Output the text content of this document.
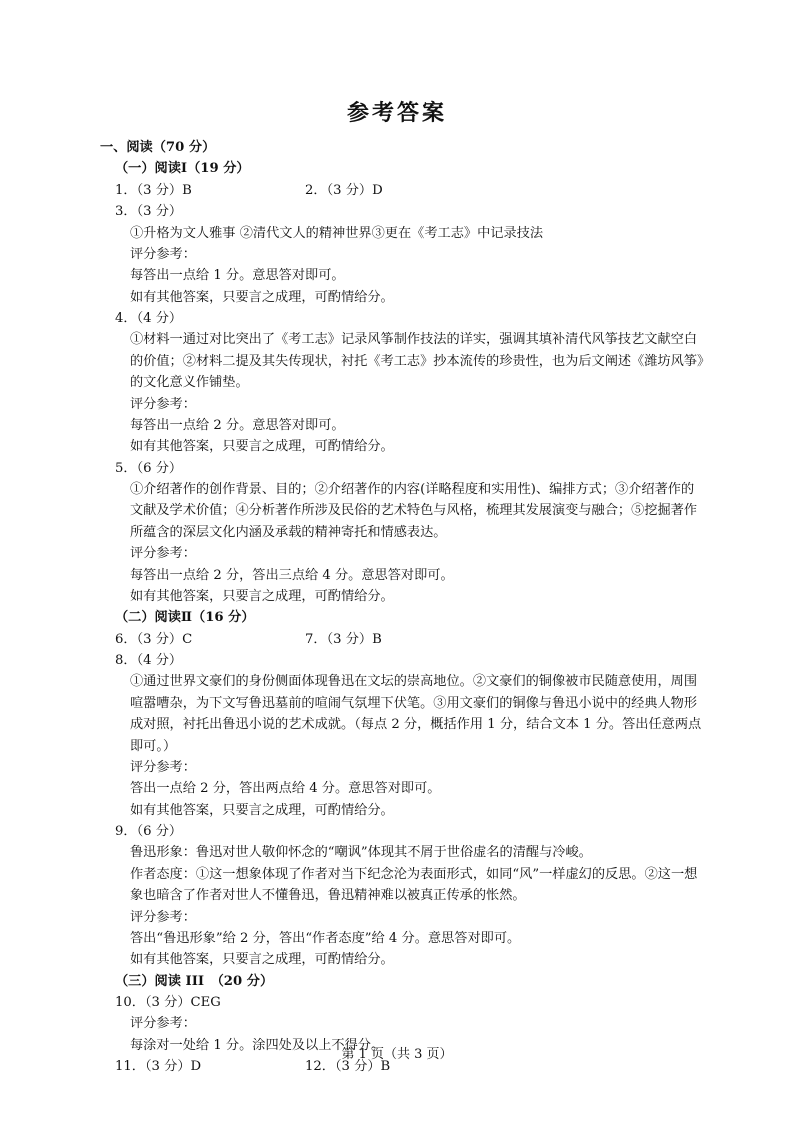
参考答案
一、阅读（70 分）
（一）阅读Ⅰ（19 分）
1．（3 分）B	2．（3 分）D
3．（3 分）
①升格为文人雅事 ②清代文人的精神世界③更在《考工志》中记录技法
评分参考：
每答出一点给 1 分。意思答对即可。
如有其他答案，只要言之成理，可酌情给分。
4．（4 分）
①材料一通过对比突出了《考工志》记录风筝制作技法的详实，强调其填补清代风筝技艺文献空白的价值；②材料二提及其失传现状，衬托《考工志》抄本流传的珍贵性，也为后文阐述《潍坊风筝》的文化意义作铺垫。
评分参考：
每答出一点给 2 分。意思答对即可。
如有其他答案，只要言之成理，可酌情给分。
5．（6 分）
①介绍著作的创作背景、目的；②介绍著作的内容(详略程度和实用性)、编排方式；③介绍著作的文献及学术价值；④分析著作所涉及民俗的艺术特色与风格，梳理其发展演变与融合；⑤挖掘著作所蕴含的深层文化内涵及承载的精神寄托和情感表达。
评分参考：
每答出一点给 2 分，答出三点给 4 分。意思答对即可。
如有其他答案，只要言之成理，可酌情给分。
（二）阅读Ⅱ（16 分）
6．（3 分）C	7．（3 分）B
8．（4 分）
①通过世界文豪们的身份侧面体现鲁迅在文坛的崇高地位。②文豪们的铜像被市民随意使用，周围喧嚣嘈杂，为下文写鲁迅墓前的喧闹气氛埋下伏笔。③用文豪们的铜像与鲁迅小说中的经典人物形成对照，衬托出鲁迅小说的艺术成就。（每点 2 分，概括作用 1 分，结合文本 1 分。答出任意两点即可。）
评分参考：
答出一点给 2 分，答出两点给 4 分。意思答对即可。
如有其他答案，只要言之成理，可酌情给分。
9．（6 分）
鲁迅形象：鲁迅对世人敬仰怀念的“嘲讽”体现其不屑于世俗虚名的清醒与冷峻。
作者态度：①这一想象体现了作者对当下纪念沦为表面形式，如同“风”一样虚幻的反思。②这一想象也暗含了作者对世人不懂鲁迅，鲁迅精神难以被真正传承的怅然。
评分参考：
答出“鲁迅形象”给 2 分，答出“作者态度”给 4 分。意思答对即可。
如有其他答案，只要言之成理，可酌情给分。
（三）阅读 III　（20 分）
10．（3 分）CEG
评分参考：
每涂对一处给 1 分。涂四处及以上不得分。
11．（3 分）D	12．（3 分）B
第 1 页（共 3 页）
